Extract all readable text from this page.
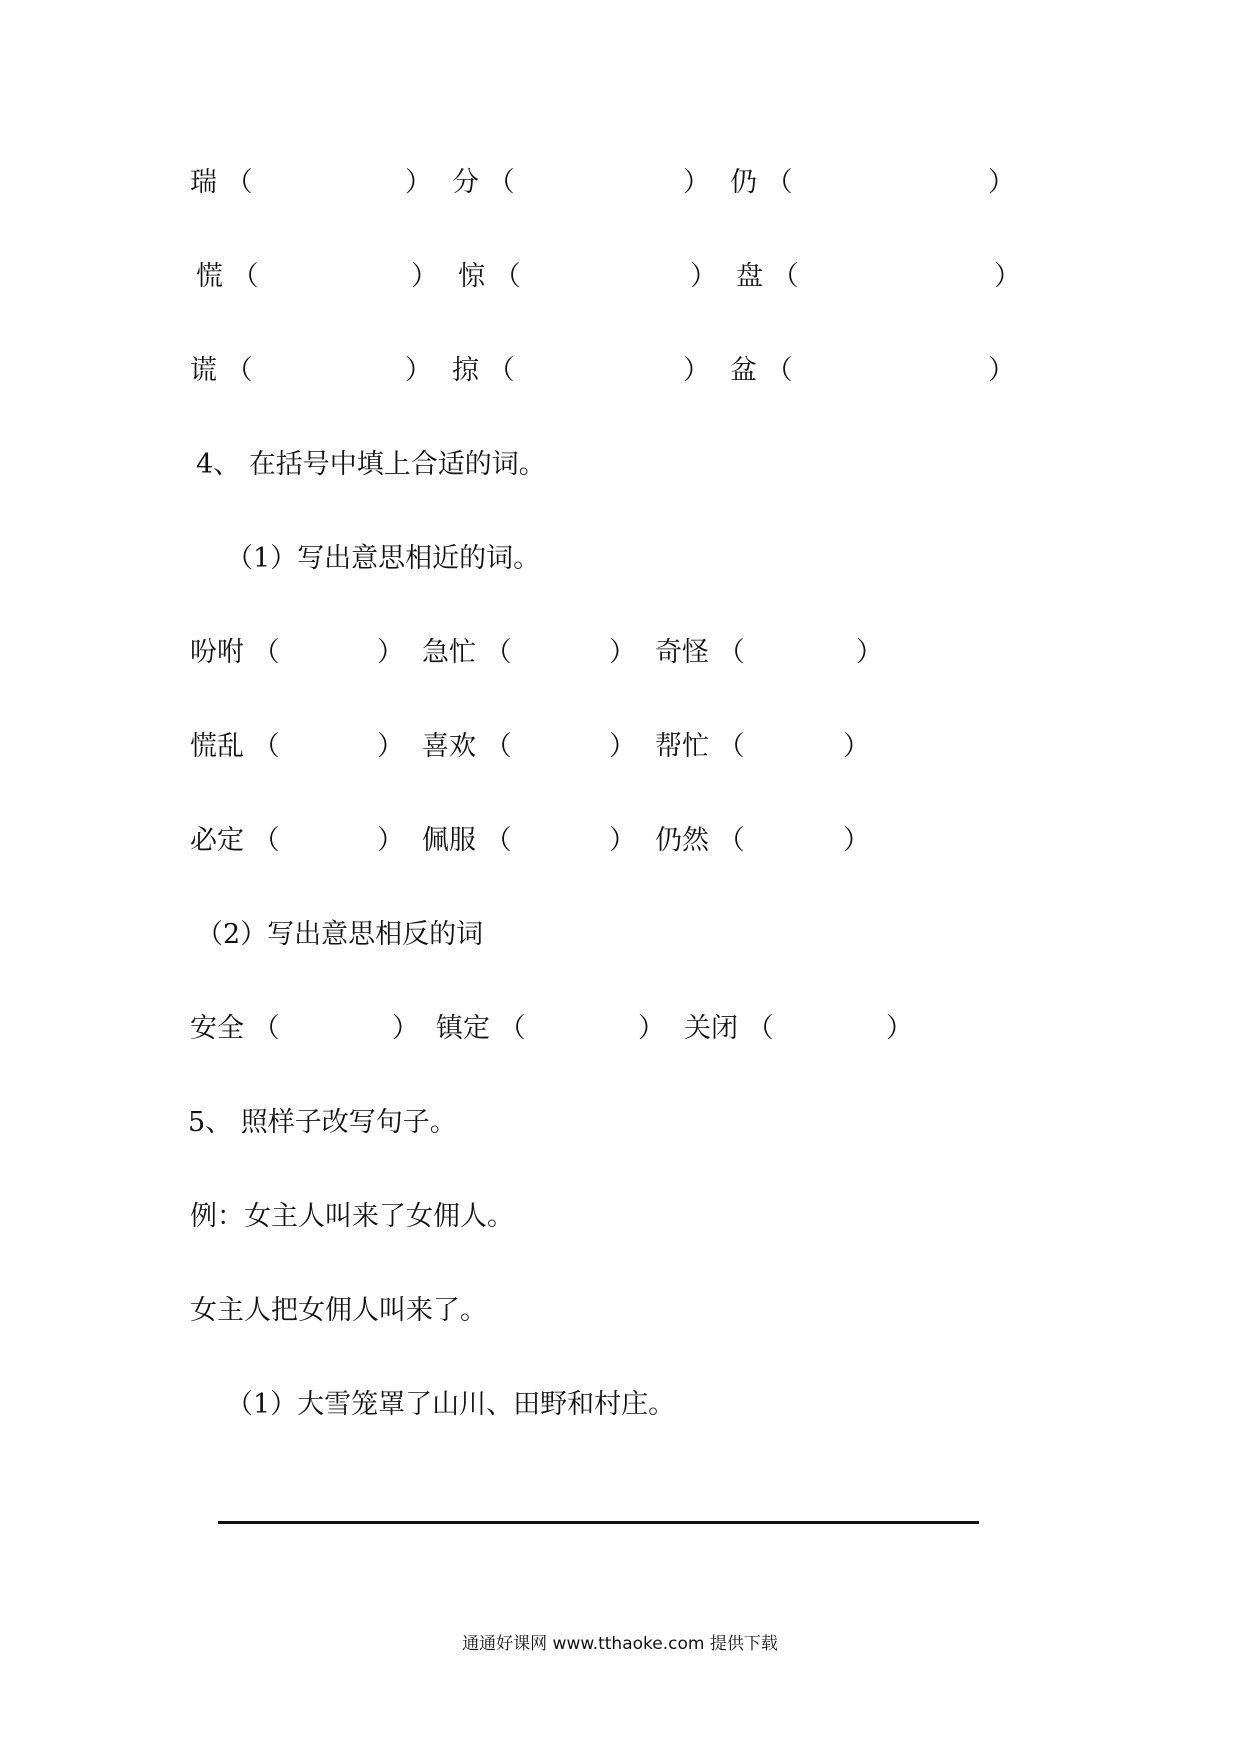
瑞 （	） 分 （	） 仍 （	）
慌 （	） 惊 （	） 盘 （	）
谎 （	） 掠 （	） 盆 （	）
4、 在括号中填上合适的词。
（1）写出意思相近的词。
吩咐 （	） 急忙 （	） 奇怪 （	）
慌乱 （	） 喜欢 （	） 帮忙 （	）
必定 （	） 佩服 （	） 仍然 （	）
（2）写出意思相反的词
安全 （	） 镇定 （	） 关闭 （	）
5、 照样子改写句子。
例：女主人叫来了女佣人。
女主人把女佣人叫来了。
（1）大雪笼罩了山川、田野和村庄。
通通好课网 www.tthaoke.com 提供下载
